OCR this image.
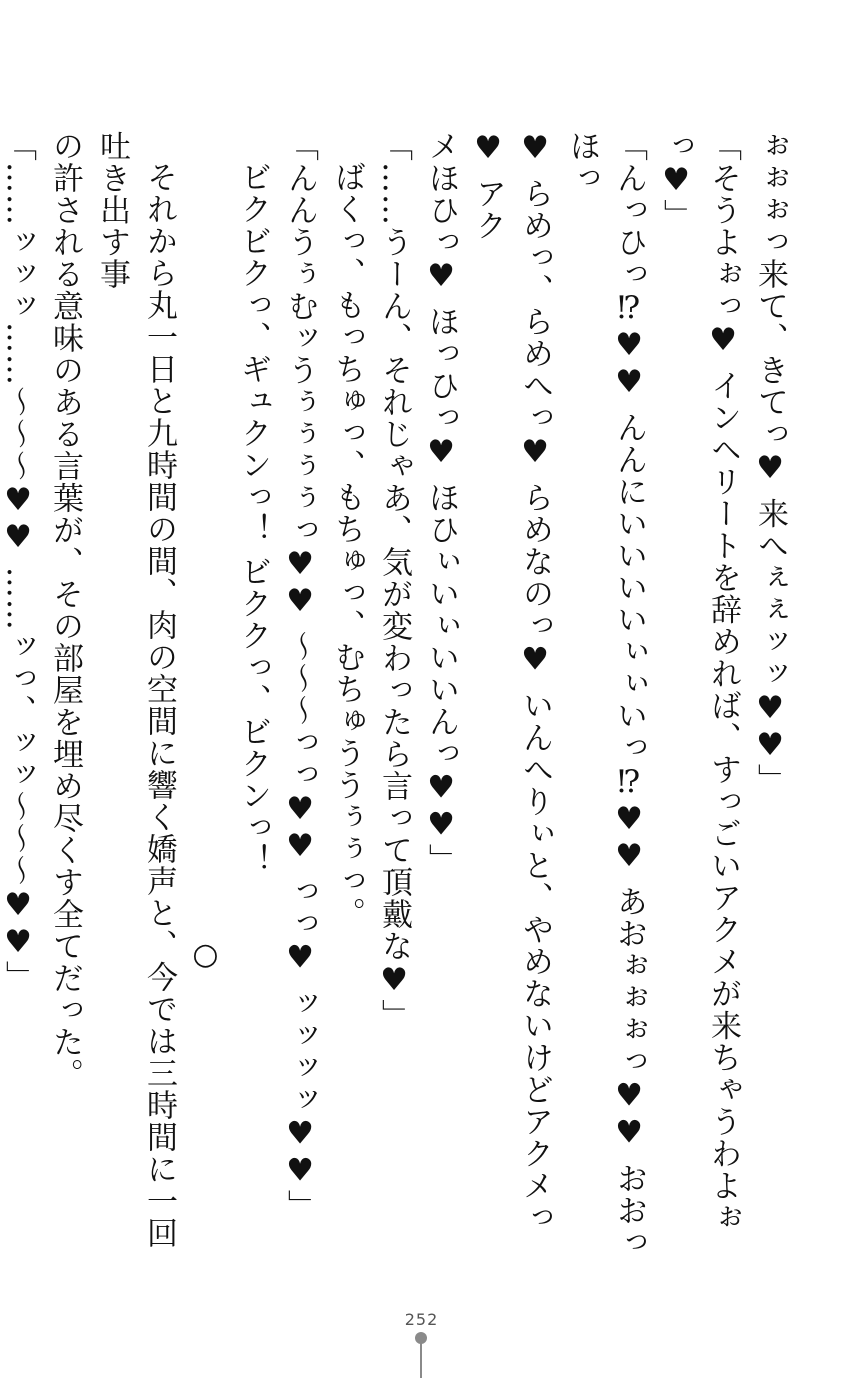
ぉぉぉっ来て、きてっ♥ 来へぇぇッッ♥♥」
「そうよぉっ♥ インヘリートを辞めれば、すっごいアクメが来ちゃうわよぉっ♥」
「んっひっ⁉♥♥ んんにいいいいぃぃいっ⁉♥♥ あおぉぉぉっ♥♥ おおっほっ
♥ らめっ、らめへっ♥ らめなのっ♥ いんへりぃと、やめないけどアクメっ♥ アク
メほひっ♥ ほっひっ♥ ほひぃいぃいいんっ♥♥」
「……うーん、それじゃあ、気が変わったら言って頂戴な♥」
ばくっ、もっちゅっ、もちゅっ、むちゅううぅぅっ。
「んんうぅむッうぅぅぅぅっ♥♥ 〜〜〜っっ♥♥ っっ♥ ッッッッ♥♥」
ビクビクっ、ギュクンっ！ ビククっ、ビクンっ！
○
それから丸一日と九時間の間、肉の空間に響く嬌声と、今では三時間に一回吐き出す事
の許される意味のある言葉が、その部屋を埋め尽くす全てだった。
「……ッッッ……〜〜〜♥♥ ……ッっ、ッッ〜〜〜♥♥」
252
